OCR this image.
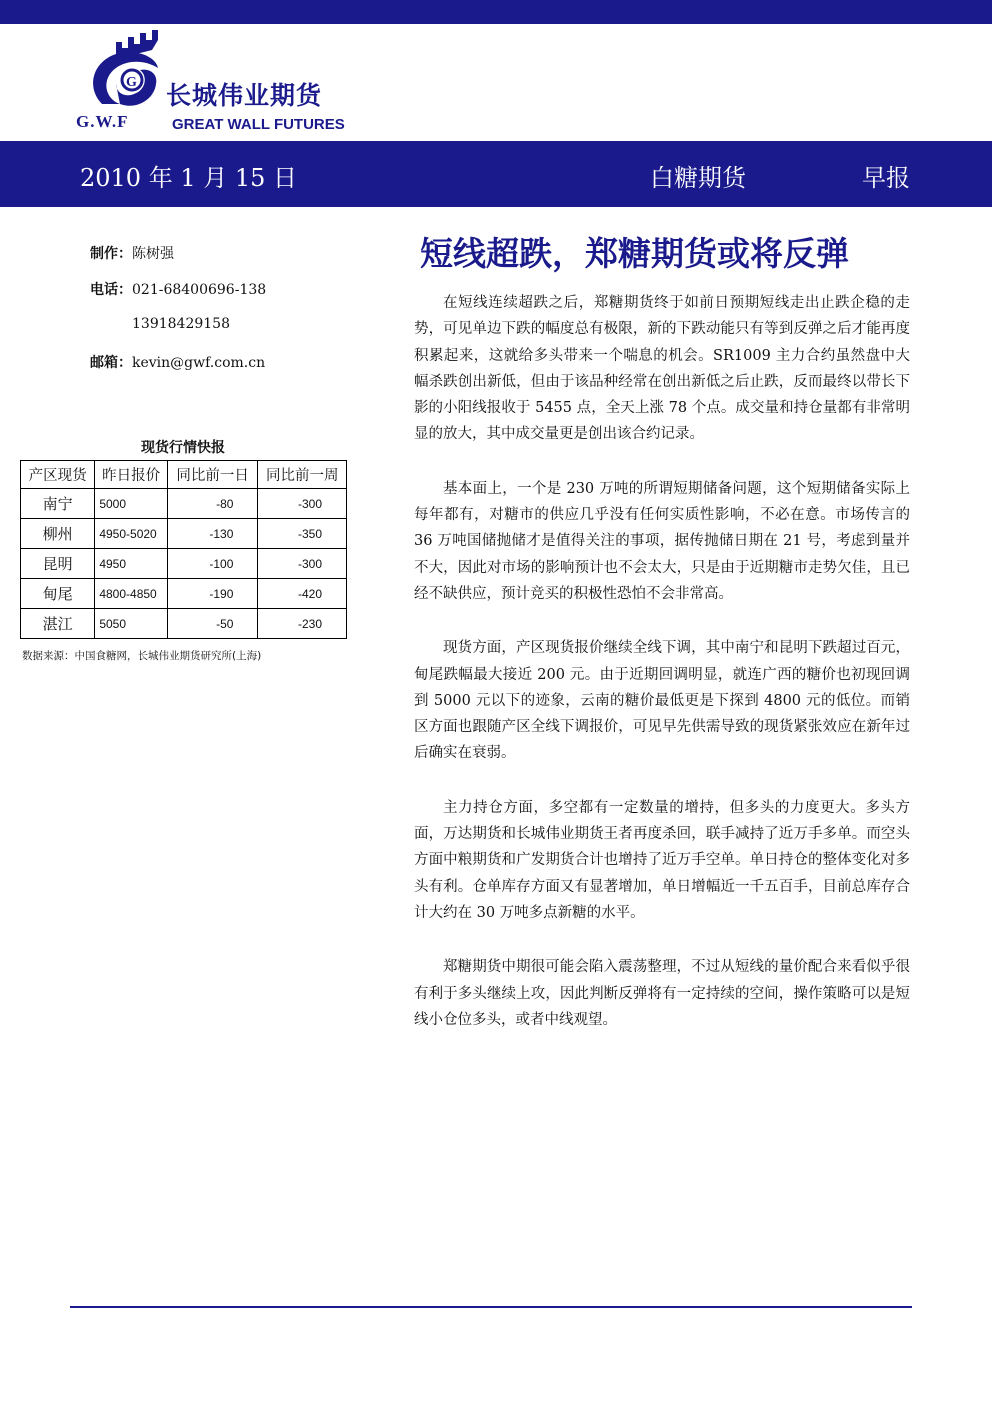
G 长城伟业期货
GREAT WALL FUTURES
G.W.F
2010 年 1 月 15 日	白糖期货	早报
制作：陈树强
电话：021-68400696-138
13918429158
邮箱：kevin@gwf.com.cn
短线超跌，郑糖期货或将反弹

在短线连续超跌之后，郑糖期货终于如前日预期短线走出止跌企稳的走势，可见单边下跌的幅度总有极限，新的下跌动能只有等到反弹之后才能再度积累起来，这就给多头带来一个喘息的机会。SR1009 主力合约虽然盘中大幅杀跌创出新低，但由于该品种经常在创出新低之后止跌，反而最终以带长下影的小阳线报收于 5455 点，全天上涨 78 个点。成交量和持仓量都有非常明显的放大，其中成交量更是创出该合约记录。

基本面上，一个是 230 万吨的所谓短期储备问题，这个短期储备实际上每年都有，对糖市的供应几乎没有任何实质性影响，不必在意。市场传言的 36 万吨国储抛储才是值得关注的事项，据传抛储日期在 21 号，考虑到量并不大，因此对市场的影响预计也不会太大，只是由于近期糖市走势欠佳，且已经不缺供应，预计竞买的积极性恐怕不会非常高。

现货方面，产区现货报价继续全线下调，其中南宁和昆明下跌超过百元，甸尾跌幅最大接近 200 元。由于近期回调明显，就连广西的糖价也初现回调到 5000 元以下的迹象，云南的糖价最低更是下探到 4800 元的低位。而销区方面也跟随产区全线下调报价，可见早先供需导致的现货紧张效应在新年过后确实在衰弱。

主力持仓方面，多空都有一定数量的增持，但多头的力度更大。多头方面，万达期货和长城伟业期货王者再度杀回，联手减持了近万手多单。而空头方面中粮期货和广发期货合计也增持了近万手空单。单日持仓的整体变化对多头有利。仓单库存方面又有显著增加，单日增幅近一千五百手，目前总库存合计大约在 30 万吨多点新糖的水平。

郑糖期货中期很可能会陷入震荡整理，不过从短线的量价配合来看似乎很有利于多头继续上攻，因此判断反弹将有一定持续的空间，操作策略可以是短线小仓位多头，或者中线观望。

现货行情快报
产区现货	昨日报价	同比前一日	同比前一周
南宁	5000	-80	-300
柳州	4950-5020	-130	-350
昆明	4950	-100	-300
甸尾	4800-4850	-190	-420
湛江	5050	-50	-230
数据来源：中国食糖网，长城伟业期货研究所(上海)
